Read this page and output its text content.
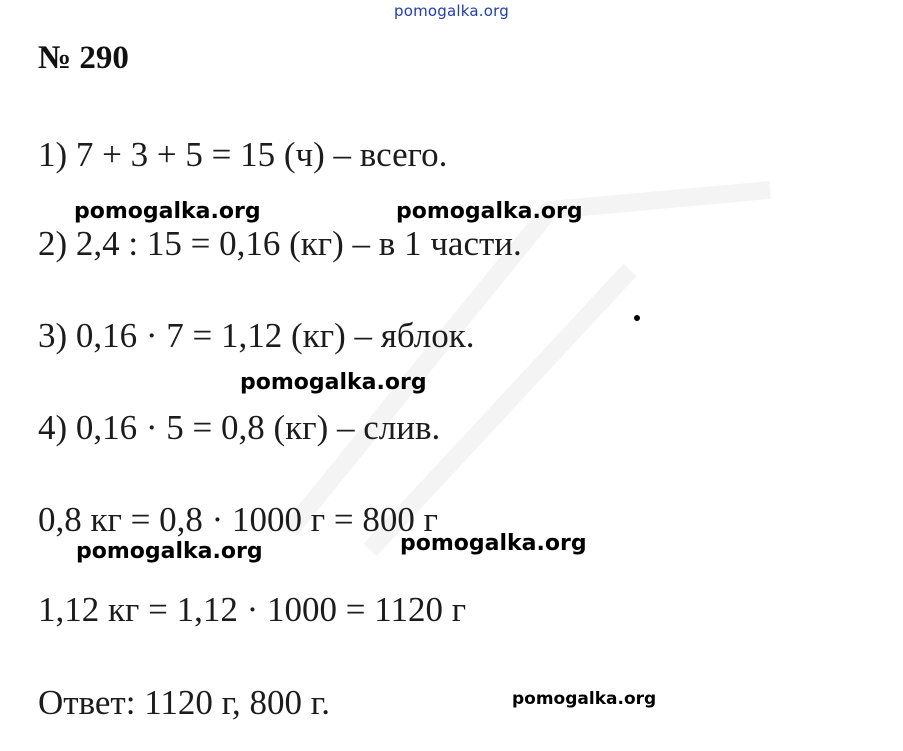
pomogalka.org
№ 290
1) 7 + 3 + 5 = 15 (ч) – всего.
2) 2,4 : 15 = 0,16 (кг) – в 1 части.
3) 0,16 · 7 = 1,12 (кг) – яблок.
4) 0,16 · 5 = 0,8 (кг) – слив.
0,8 кг = 0,8 · 1000 г = 800 г
1,12 кг = 1,12 · 1000 = 1120 г
Ответ: 1120 г, 800 г.
pomogalka.org	pomogalka.org
pomogalka.org
pomogalka.org	pomogalka.org
pomogalka.org
